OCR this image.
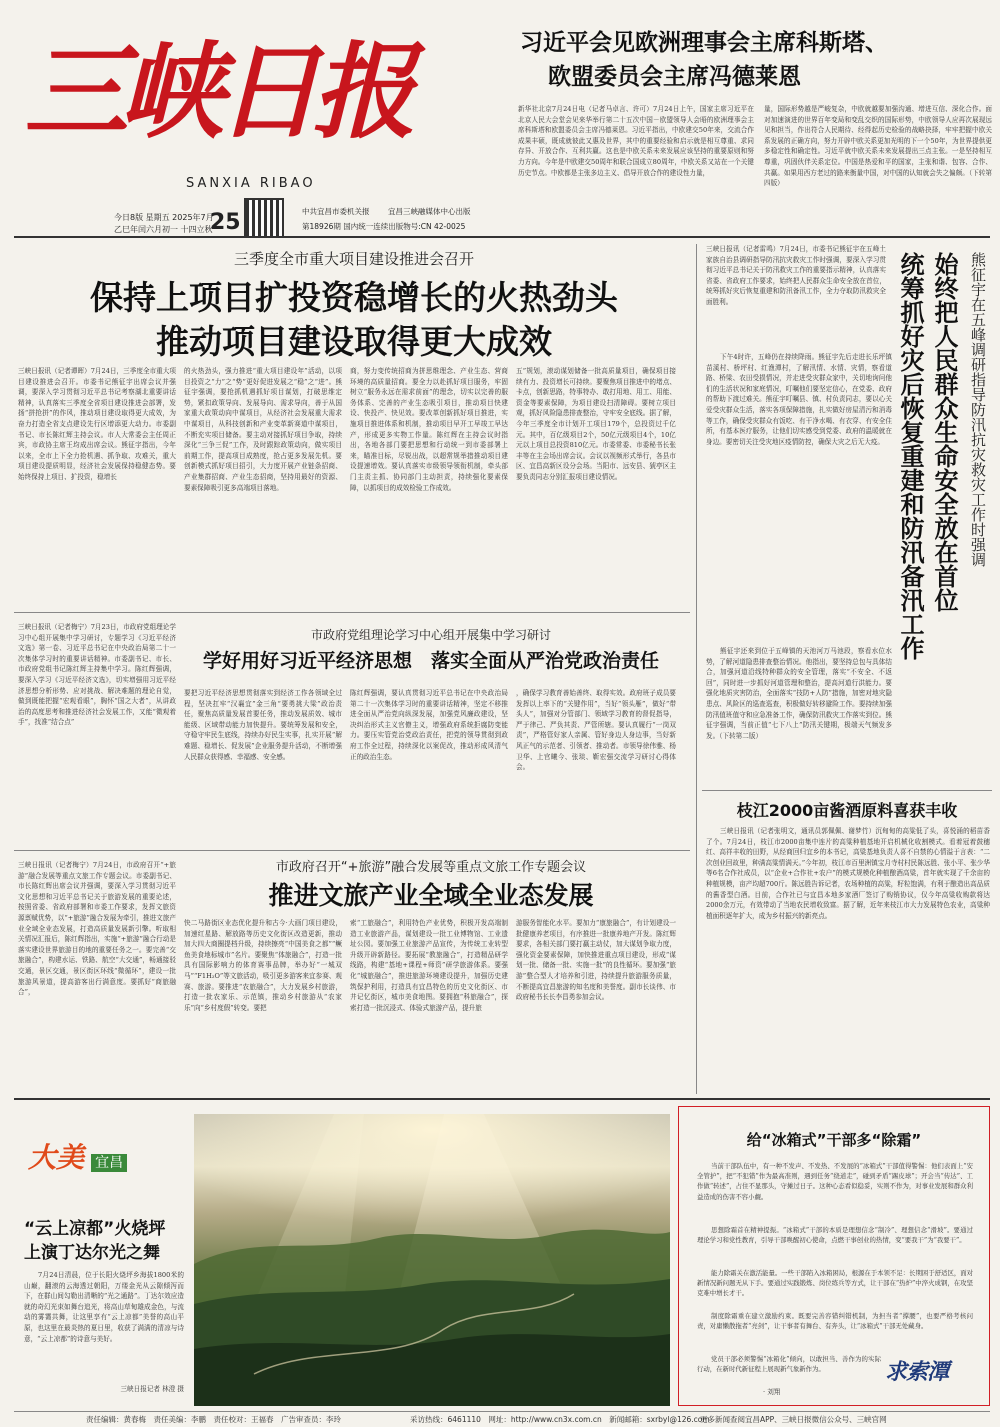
三峡日报
SANXIA RIBAO
今日8版 星期五 2025年7月
乙巳年闰六月初一 十四立秋
25	中共宜昌市委机关报 宜昌三峡融媒体中心出版
第18926期 国内统一连续出版物号:CN 42-0025
习近平会见欧洲理事会主席科斯塔、
欧盟委员会主席冯德莱恩
新华社北京7月24日电（记者马卓言、许可）7月24日上午，国家主席习近平在北京人民大会堂会见来华举行第二十五次中国－欧盟领导人会晤的欧洲理事会主席科斯塔和欧盟委员会主席冯德莱恩。习近平指出，中欧建交50年来，交流合作成果丰硕，既成就彼此又惠及世界，其中的重要经验和启示就是相互尊重、求同存异、开放合作、互利共赢。这也是中欧关系未来发展应该坚持的重要原则和努力方向。今年是中欧建交50周年和联合国成立80周年，中欧关系又站在一个关键历史节点。中欧都是主张多边主义、倡导开放合作的建设性力量，
量，国际形势越是严峻复杂，中欧就越要加强沟通、增进互信、深化合作。面对加速演进的世界百年变局和变乱交织的国际形势，中欧领导人应再次展现远见和担当，作出符合人民期待、经得起历史检验的战略抉择，牢牢把握中欧关系发展的正确方向，努力开辟中欧关系更加光明的下一个50年，为世界提供更多稳定性和确定性。习近平就中欧关系未来发展提出三点主张。一是坚持相互尊重，巩固伙伴关系定位。中国是热爱和平的国家，主张和谐、包容、合作、共赢。如果用西方老过的路来衡量中国，对中国的认知就会失之偏颇。（下转第四版）
三季度全市重大项目建设推进会召开
保持上项目扩投资稳增长的火热劲头
推动项目建设取得更大成效
三峡日报讯（记者谭晖）7月24日，三季度全市重大项目建设推进会召开。市委书记熊征宇出席会议并强调，要深入学习贯彻习近平总书记考察湖北重要讲话精神，认真落实三季度全省项目建设推进会部署，发扬“拼抢拼”的作风，推动项目建设取得更大成效，为奋力打造全省支点建设先行区增添更大动力。市委副书记、市长陈红辉主持会议。市人大常委会主任周正宾，市政协主席王均成出席会议。熊征宇指出，今年以来，全市上下全力抢机遇、抓争取、攻难关，重大项目建设提质明显，经济社会发展保持稳健态势。要始终保持上项目、扩投资，稳增长
的火热劲头，强力推进“重大项目建设年”活动，以项目投资之“力”之“势”更好促进发展之“稳”之“进”。熊征宇强调，要抢抓机遇抓好项目谋划，打破思维定势，紧扣政策导向、发展导向、需求导向，善于从国家重大政策动向中谋项目，从经济社会发展重大需求中谋项目，从科技创新和产业变革新赛道中谋项目，不断充实项目储备。要主动对接抓好项目争取，持续深化“三争三促”工作，及时跟踪政策动向，做实项目前期工作，提高项目成熟度，抢占更多发展先机。要创新模式抓好项目招引，大力度开展产业链条招商、产业集群招商、产业生态招商，坚持用最好的资源、要素保障吸引更多高端项目落地。
商，努力变传统招商为拼思维理念、产业生态、营商环境的高质量招商。要全力以赴抓好项目服务，牢固树立“服务永远在需求前面”的理念，切实以完善的服务体系、完善的产业生态吸引项目，推动项目快建设、快投产、快见效。要改革创新抓好项目推进，实施项目推进体系和机制，推动项目早开工早竣工早达产，形成更多实物工作量。陈红辉在主持会议时指出，各地各部门要把思想和行动统一到市委部署上来，瞄准目标，尽锐出战，以超常规举措推动项目建设提速增效。要认真落实市级领导领衔机制，牵头部门主责主抓、协同部门主动担责，持续强化要素保障，以抓项目的成效检验工作成效。
五”规划，滚动谋划储备一批高质量项目，确保项目接续有力、投资增长可持续。要聚焦项目推进中的堵点、卡点，创新思路，特事特办、敢打用地、用工、用能、资金等要素保障，为项目建设扫清障碍。要树立项目观，抓好风险隐患排查整治，守牢安全底线。据了解，今年三季度全市计划开工项目179个，总投资过千亿元。其中，百亿级项目2个，50亿元级项目4个，10亿元以上项目总投资810亿元。市委常委、市委秘书长张丰等在主会场出席会议。会议以视频形式举行，各县市区、宜昌高新区设分会场。当阳市、远安县、猇亭区主要负责同志分别汇报项目建设情况。
三峡日报讯（记者梅宁）7月23日，市政府党组理论学习中心组开展集中学习研讨，专题学习《习近平经济文选》第一卷、习近平总书记在中央政治局第二十一次集体学习时的重要讲话精神。市委副书记、市长、市政府党组书记陈红辉主持集中学习。陈红辉强调，要深入学习《习近平经济文选》，切实增强用习近平经济思想分析形势、应对挑战、解决难题的理论自觉，做到既能把握“宏观看眼”，胸怀“国之大者”，从讲政治的高度思考和推进经济社会发展工作，又能“微观着手”，找准“结合点”
市政府党组理论学习中心组开展集中学习研讨
学好用好习近平经济思想　落实全面从严治党政治责任
要把习近平经济思想贯彻落实到经济工作各领域全过程，坚决扛牢“汉襄宜”金三角“要勇挑大梁”政治责任，聚焦高质量发展首要任务，推动发展质效、城市能级、区域带动能力加快提升。要统筹发展和安全，守稳守牢民生底线，持续办好民生实事，扎实开展“解难题、稳增长、促发展”企业服务提升活动，不断增强人民群众获得感、幸福感、安全感。
陈红辉强调，要认真贯彻习近平总书记在中央政治局第二十一次集体学习时的重要讲话精神，坚定不移推进全面从严治党向纵深发展，加强党风廉政建设，坚决纠治形式主义官僚主义，增强政府系统拒腐防变能力。要压实管党治党政治责任，把党的领导贯彻到政府工作全过程，持续深化以案促改，推动形成风清气正的政治生态。
，确保学习教育善始善终、取得实效。政府班子成员要发挥以上率下的“关键作用”，当好“领头雁”，做好“带头人”，加强对分管部门、领域学习教育的督促指导，严于律己、严负其责、严管所辖。要认真履行“一岗双责”，严格管好家人亲属、管好身边人身边事，当好新风正气的示范者、引领者、推动者。市领导徐伟雅、杨卫华、上官曦今、张琰、靳宏强交流学习研讨心得体会。
三峡日报讯（记者梅宁）7月24日，市政府召开“+旅游”融合发展等重点文旅工作专题会议。市委副书记、市长陈红辉出席会议并强调，要深入学习贯彻习近平文化思想和习近平总书记关于旅游发展的重要论述，按照省委、省政府部署和市委工作要求，发挥文旅资源禀赋优势，以“+旅游”融合发展为牵引，推进文旅产业全域全业态发展，打造高质量发展新引擎。听取相关情况汇报后，陈红辉指出，实施“+旅游”融合行动是落实建设世界旅游目的地的重要任务之一。要完善“交旅融合”，构建水运、铁路、航空“大交通”，畅通接驳交通，景区交通，景区街区环线“微循环”，建设一批旅游风景道，提高游客出行满意度。要抓好“商旅融合”，
市政府召开“+旅游”融合发展等重点文旅工作专题会议
推进文旅产业全域全业态发展
快二马路街区业态优化提升和古今·大画门项目建设，加速红星路、解放路等历史文化街区改造更新，推动加大四大商圈提档升级，持续擦亮“中国美食之都”“鳜鱼美食地标城市”名片。要聚焦“体旅融合”，打造一批具有国际影响力的体育赛事品牌，举办好“一城双马”“F1H₂O”等文旅活动，吸引更多游客来宜参赛、观赛、旅游。要推进“农旅融合”，大力发展乡村旅游，打造一批农家乐、示范镇，推动乡村旅游从“农家乐”向“乡村度假”转变。要把
索“工旅融合”，利用特色产业优势，积极开发高端制造工业旅游产品，谋划建设一批工业博物馆、工业遗址公园。要加强工业旅游产品宣传，为传统工业转型升级开辟新路径。要拓展“教旅融合”，打造精品研学线路，构建“基地+课程+师资”研学旅游体系。要强化“城旅融合”，推进旅游环境建设提升，加强历史建筑保护利用，打造具有宜昌特色的历史文化街区、市井记忆街区，城市美食地图。要拥抱“科旅融合”，探索打造一批沉浸式、体验式旅游产品，提升旅
游服务智能化水平。要加力“康旅融合”，有计划建设一批健康养老项目，有序推进一批康养地产开发。陈红辉要求，各相关部门要打赢主动仗，加大谋划争取力度，强化资金要素保障，加快推进重点项目建设，形成“谋划一批、储备一批、实施一批”的良性循环。要加强“旅游”整合型人才培养和引进，持续提升旅游服务质量，不断提高宜昌旅游的知名度和美誉度。副市长谈伟、市政府秘书长长李昌勇参加会议。
三峡日报讯（记者雷鸣）7月24日，市委书记熊征宇在五峰土家族自治县调研指导防汛抗灾救灾工作时强调，要深入学习贯彻习近平总书记关于防汛救灾工作的重要指示精神，认真落实省委、省政府工作要求，始终把人民群众生命安全放在首位，统筹抓好灾后恢复重建和防汛备汛工作，全力夺取防汛救灾全面胜利。	始终把人民群众生命安全放在首位
统筹抓好灾后恢复重建和防汛备汛工作	熊征宇在五峰调研指导防汛抗灾救灾工作时强调
下午4时许，五峰仍在持续降雨。熊征宇先后走进长乐坪镇苗溪村、桥坪村、红渔潭村，了解汛情、水情、灾情，察看道路、桥梁、农田受损情况，并走进受灾群众家中，关切地询问他们的生活状况和家庭情况，叮嘱他们要坚定信心，在党委、政府的帮助下渡过难关。熊征宇叮嘱县、镇、村负责同志，要以心关爱受灾群众生活，落实各项保障措施，扎实做好房屋清污和消毒等工作，确保受灾群众有饭吃、有干净水喝、有衣穿、有安全住所，有基本医疗服务，让他们切实感受到党委、政府的温暖就在身边。要密切关注受灾地区疫情防控，确保大灾之后无大疫。
熊征宇还来到位于五峰镇的天池河万马池段，察看水位水势，了解河道隐患排查整治情况。他指出，要坚持总包与具体结合，加强河道沿线特种群众的安全管理，落实“不安全、不返回”，同时进一步抓好河道管理和整治，提高河道行洪能力。要强化地质灾害防治，全面落实“技防+人防”措施，加密对地灾隐患点、风险区的巡查巡查，积极做好转移避险工作。要持续加强防汛值班值守和应急准备工作，确保防汛救灾工作落实到位。熊征宇强调，当前正值“七下八上”防汛关键期，极端天气频发多发。（下转第二版）
枝江2000亩酱酒原料喜获丰收
三峡日报讯（记者张明文，通讯员郭佩佩、谢梦竹）沉甸甸的高粱低了头，喜悦涌的稻苗香了个。7月24日，枝江市2000亩集中连片的高粱种植基地开启机械化收割模式。看着冠着鼓穗红、高祥丰收的田野，从经商回归宜乡的本书记，高粱基地负责人喜不自禁的心情溢于言表：“二次创业回故里，种满高粱情满天。”今年初，枝江市百里洲镇宝月寺村村民陈远胜、张小平、张少华等6名合作社成员，以“企业+合作社+农户”的模式规模化种植酿酒高粱，首年就实现了千余亩的种植规模，亩产均超700斤。陈远胜告诉记者，农场种植的高粱，籽粒饱满，有利于酿造出高品质的酱香型白酒。目前，合作社已与宜昌本地多家酒厂签订了购销协议，仅今年高粱收购款将达2000余万元，有效带动了当地农民增收致富。据了解，近年来枝江市大力发展特色农业，高粱种植面积逐年扩大，成为乡村振兴的新亮点。
大美 宜昌
“云上凉都”火烧坪
上演丁达尔光之舞
7月24日清晨，位于长阳火烧坪乡海拔1800米的山巅，翻滚的云海透过朝阳，万缕金光从云隙倾泻而下，在群山间勾勒出清晰的“光之通路”。丁达尔效应造就的奇幻光束如舞台追光，将高山草甸雄成金色，与流动的雾霭共舞，让这里享有“云上凉都”美誉的高山平原，也这里在最炎热的夏日里，收获了满满的清凉与诗意，“云上凉都”的诗意与美好。
三峡日报记者 林澄 摄
给“冰箱式”干部多“除霜”
当前干部队伍中，有一种不发声、不发热、不发展的“冰箱式”干部值得警惕：他们表面上“安全管护”，把“不犯错”作为最高准则，遇到任务“绕道走”，碰到矛盾“踢皮球”；开会当“传达”、工作做“转述”，占住不显那头，守摊过日子。这种心态看似稳妥，实则不作为，对事业发展和群众利益造成的伤害不容小觑。
思想除霜首在精神提振。“冰箱式”干部的本质是理想信念“制冷”、理想信念“滑坡”。要通过理论学习和党性教育，引导干部唤醒初心使命，点燃干事创业的热情，变“要我干”为“我要干”。
能力除霜关在激活能量。一些干部陷入冰箱困局，根源在于本领不足：长期困于舒适区，面对新情况新问题无从下手。要通过实践锻炼、岗位练兵等方式，让干部在“热炉”中淬火成钢，在攻坚克难中增长才干。
制度除霜重在建立激励约束。既要完善容错纠错机制，为担当者“撑腰”，也要严格考核问责，对庸懒散拖者“亮剑”，让干事者有舞台、有奔头，让“冰箱式”干部无处藏身。
党员干部必须警惕“冰箱化”倾向，以敢担当、善作为的实际行动，在新时代新征程上展现新气象新作为。
· 刘翔
求索潭
责任编辑：黄春梅　责任美编：李鹏　责任校对：王福春　广告审查员：李玲	采访热线：6461110　网址：http://www.cn3x.com.cn　新闻邮箱：sxrbyl@126.com
更多新闻查阅宜昌APP、三峡日报微信公众号、三峡官网
